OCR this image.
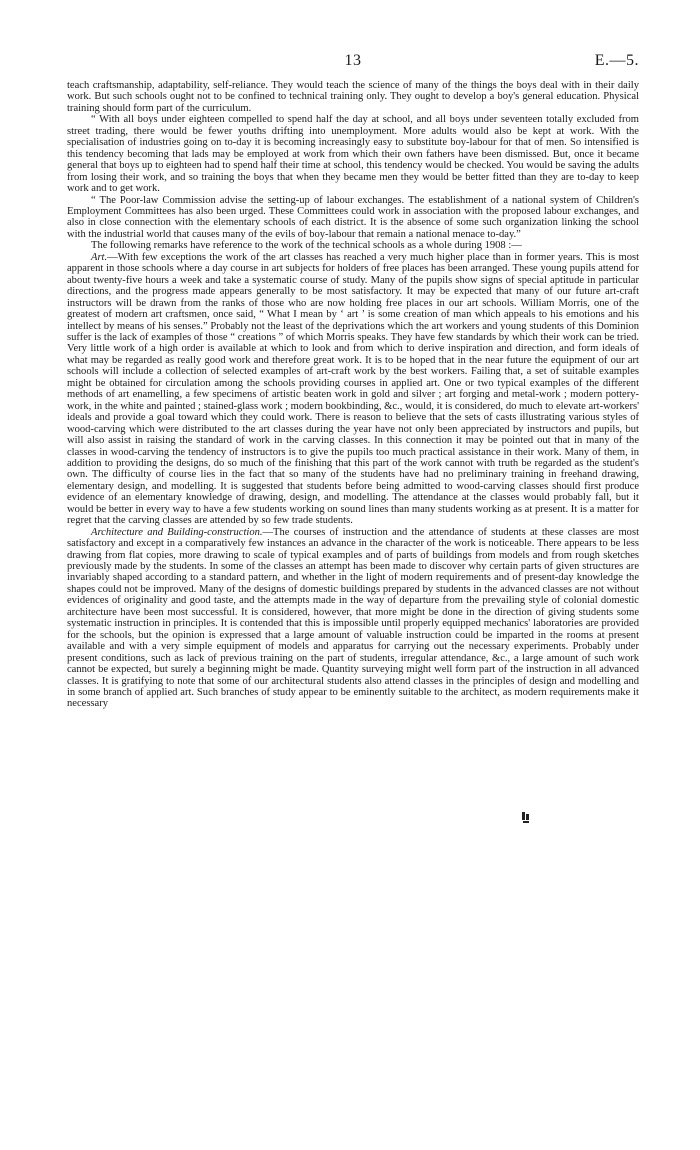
13	E.—5.

teach craftsmanship, adaptability, self-reliance. They would teach the science of many of the things the boys deal with in their daily work. But such schools ought not to be confined to technical training only. They ought to develop a boy's general education. Physical training should form part of the curriculum.

“ With all boys under eighteen compelled to spend half the day at school, and all boys under seventeen totally excluded from street trading, there would be fewer youths drifting into unemployment. More adults would also be kept at work. With the specialisation of industries going on to-day it is becoming increasingly easy to substitute boy-labour for that of men. So intensified is this tendency becoming that lads may be employed at work from which their own fathers have been dismissed. But, once it became general that boys up to eighteen had to spend half their time at school, this tendency would be checked. You would be saving the adults from losing their work, and so training the boys that when they became men they would be better fitted than they are to-day to keep work and to get work.

“ The Poor-law Commission advise the setting-up of labour exchanges. The establishment of a national system of Children's Employment Committees has also been urged. These Committees could work in association with the proposed labour exchanges, and also in close connection with the elementary schools of each district. It is the absence of some such organization linking the school with the industrial world that causes many of the evils of boy-labour that remain a national menace to-day.”

The following remarks have reference to the work of the technical schools as a whole during 1908 :—

Art.—With few exceptions the work of the art classes has reached a very much higher place than in former years. This is most apparent in those schools where a day course in art subjects for holders of free places has been arranged. These young pupils attend for about twenty-five hours a week and take a systematic course of study. Many of the pupils show signs of special aptitude in particular directions, and the progress made appears generally to be most satisfactory. It may be expected that many of our future art-craft instructors will be drawn from the ranks of those who are now holding free places in our art schools. William Morris, one of the greatest of modern art craftsmen, once said, “ What I mean by ‘ art ’ is some creation of man which appeals to his emotions and his intellect by means of his senses.” Probably not the least of the deprivations which the art workers and young students of this Dominion suffer is the lack of examples of those “ creations ” of which Morris speaks. They have few standards by which their work can be tried. Very little work of a high order is available at which to look and from which to derive inspiration and direction, and form ideals of what may be regarded as really good work and therefore great work. It is to be hoped that in the near future the equipment of our art schools will include a collection of selected examples of art-craft work by the best workers. Failing that, a set of suitable examples might be obtained for circulation among the schools providing courses in applied art. One or two typical examples of the different methods of art enamelling, a few specimens of artistic beaten work in gold and silver ; art forging and metal-work ; modern pottery-work, in the white and painted ; stained-glass work ; modern bookbinding, &c., would, it is considered, do much to elevate art-workers' ideals and provide a goal toward which they could work. There is reason to believe that the sets of casts illustrating various styles of wood-carving which were distributed to the art classes during the year have not only been appreciated by instructors and pupils, but will also assist in raising the standard of work in the carving classes. In this connection it may be pointed out that in many of the classes in wood-carving the tendency of instructors is to give the pupils too much practical assistance in their work. Many of them, in addition to providing the designs, do so much of the finishing that this part of the work cannot with truth be regarded as the student's own. The difficulty of course lies in the fact that so many of the students have had no preliminary training in freehand drawing, elementary design, and modelling. It is suggested that students before being admitted to wood-carving classes should first produce evidence of an elementary knowledge of drawing, design, and modelling. The attendance at the classes would probably fall, but it would be better in every way to have a few students working on sound lines than many students working as at present. It is a matter for regret that the carving classes are attended by so few trade students.

Architecture and Building-construction.—The courses of instruction and the attendance of students at these classes are most satisfactory and except in a comparatively few instances an advance in the character of the work is noticeable. There appears to be less drawing from flat copies, more drawing to scale of typical examples and of parts of buildings from models and from rough sketches previously made by the students. In some of the classes an attempt has been made to discover why certain parts of given structures are invariably shaped according to a standard pattern, and whether in the light of modern requirements and of present-day knowledge the shapes could not be improved. Many of the designs of domestic buildings prepared by students in the advanced classes are not without evidences of originality and good taste, and the attempts made in the way of departure from the prevailing style of colonial domestic architecture have been most successful. It is considered, however, that more might be done in the direction of giving students some systematic instruction in principles. It is contended that this is impossible until properly equipped mechanics' laboratories are provided for the schools, but the opinion is expressed that a large amount of valuable instruction could be imparted in the rooms at present available and with a very simple equipment of models and apparatus for carrying out the necessary experiments. Probably under present conditions, such as lack of previous training on the part of students, irregular attendance, &c., a large amount of such work cannot be expected, but surely a beginning might be made. Quantity surveying might well form part of the instruction in all advanced classes. It is gratifying to note that some of our architectural students also attend classes in the principles of design and modelling and in some branch of applied art. Such branches of study appear to be eminently suitable to the architect, as modern requirements make it necessary
